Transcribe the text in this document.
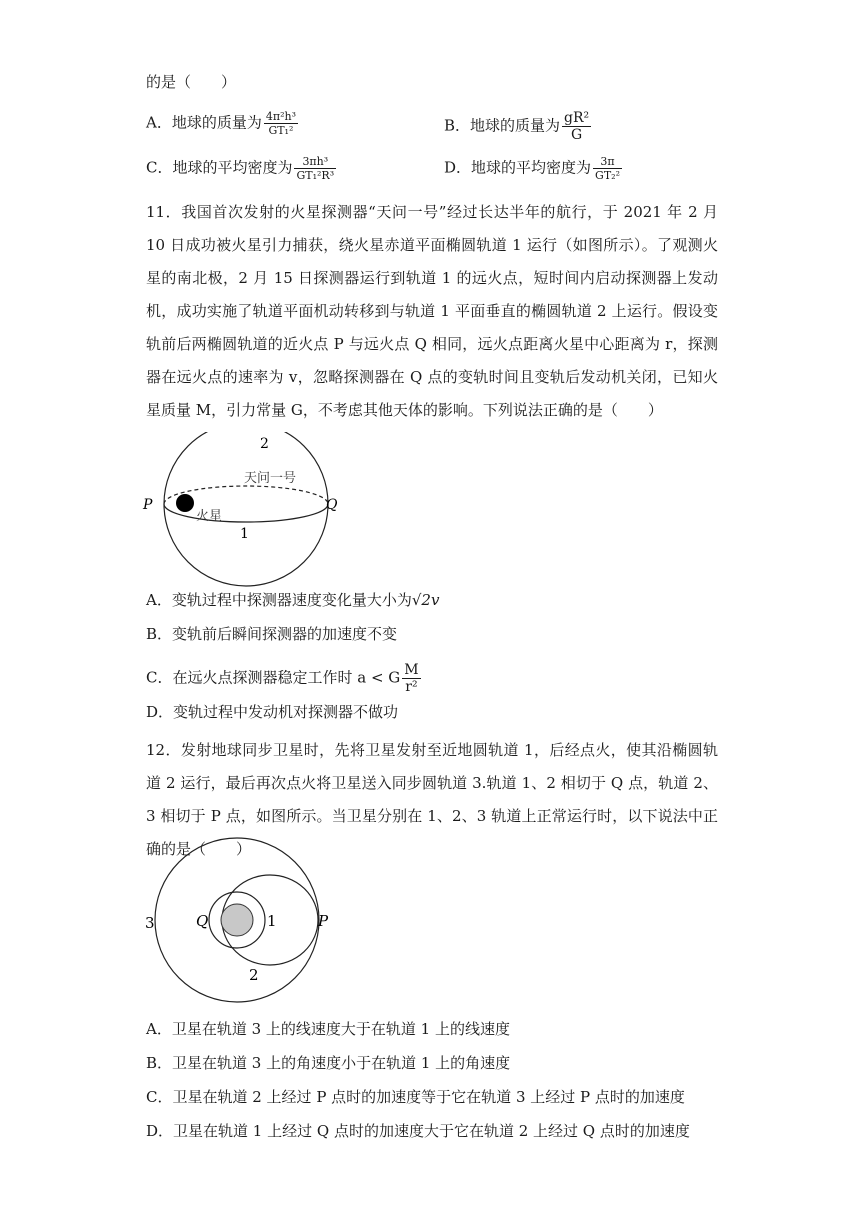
的是（　　）
A．地球的质量为 $\frac{\text{4π²h³}}{\text{GT₁²}}$	B．地球的质量为 $\frac{\text{gR²}}{G}$
C．地球的平均密度为 $\frac{\text{3πh³}}{\text{GT₁²R³}}$	D．地球的平均密度为 $\frac{3\pi}{\text{GT₂²}}$
11．我国首次发射的火星探测器“天问一号”经过长达半年的航行，于 2021 年 2 月 10 日成功被火星引力捕获，绕火星赤道平面椭圆轨道 1 运行（如图所示）。了观测火星的南北极，2 月 15 日探测器运行到轨道 1 的远火点，短时间内启动探测器上发动机，成功实施了轨道平面机动转移到与轨道 1 平面垂直的椭圆轨道 2 上运行。假设变轨前后两椭圆轨道的近火点 P 与远火点 Q 相同，远火点距离火星中心距离为 r，探测器在远火点的速率为 v，忽略探测器在 Q 点的变轨时间且变轨后发动机关闭，已知火星质量 M，引力常量 G，不考虑其他天体的影响。下列说法正确的是（　　）
2
天问一号
P	Q
火星
1
A．变轨过程中探测器速度变化量大小为√2v
B．变轨前后瞬间探测器的加速度不变
C．在远火点探测器稳定工作时 a < G $\frac{M}{\text{r²}}$
D．变轨过程中发动机对探测器不做功
12．发射地球同步卫星时，先将卫星发射至近地圆轨道 1，后经点火，使其沿椭圆轨道 2 运行，最后再次点火将卫星送入同步圆轨道 3.轨道 1、2 相切于 Q 点，轨道 2、3 相切于 P 点，如图所示。当卫星分别在 1、2、3 轨道上正常运行时，以下说法中正确的是（　　）
3	Q	1	P
2
A．卫星在轨道 3 上的线速度大于在轨道 1 上的线速度
B．卫星在轨道 3 上的角速度小于在轨道 1 上的角速度
C．卫星在轨道 2 上经过 P 点时的加速度等于它在轨道 3 上经过 P 点时的加速度
D．卫星在轨道 1 上经过 Q 点时的加速度大于它在轨道 2 上经过 Q 点时的加速度
